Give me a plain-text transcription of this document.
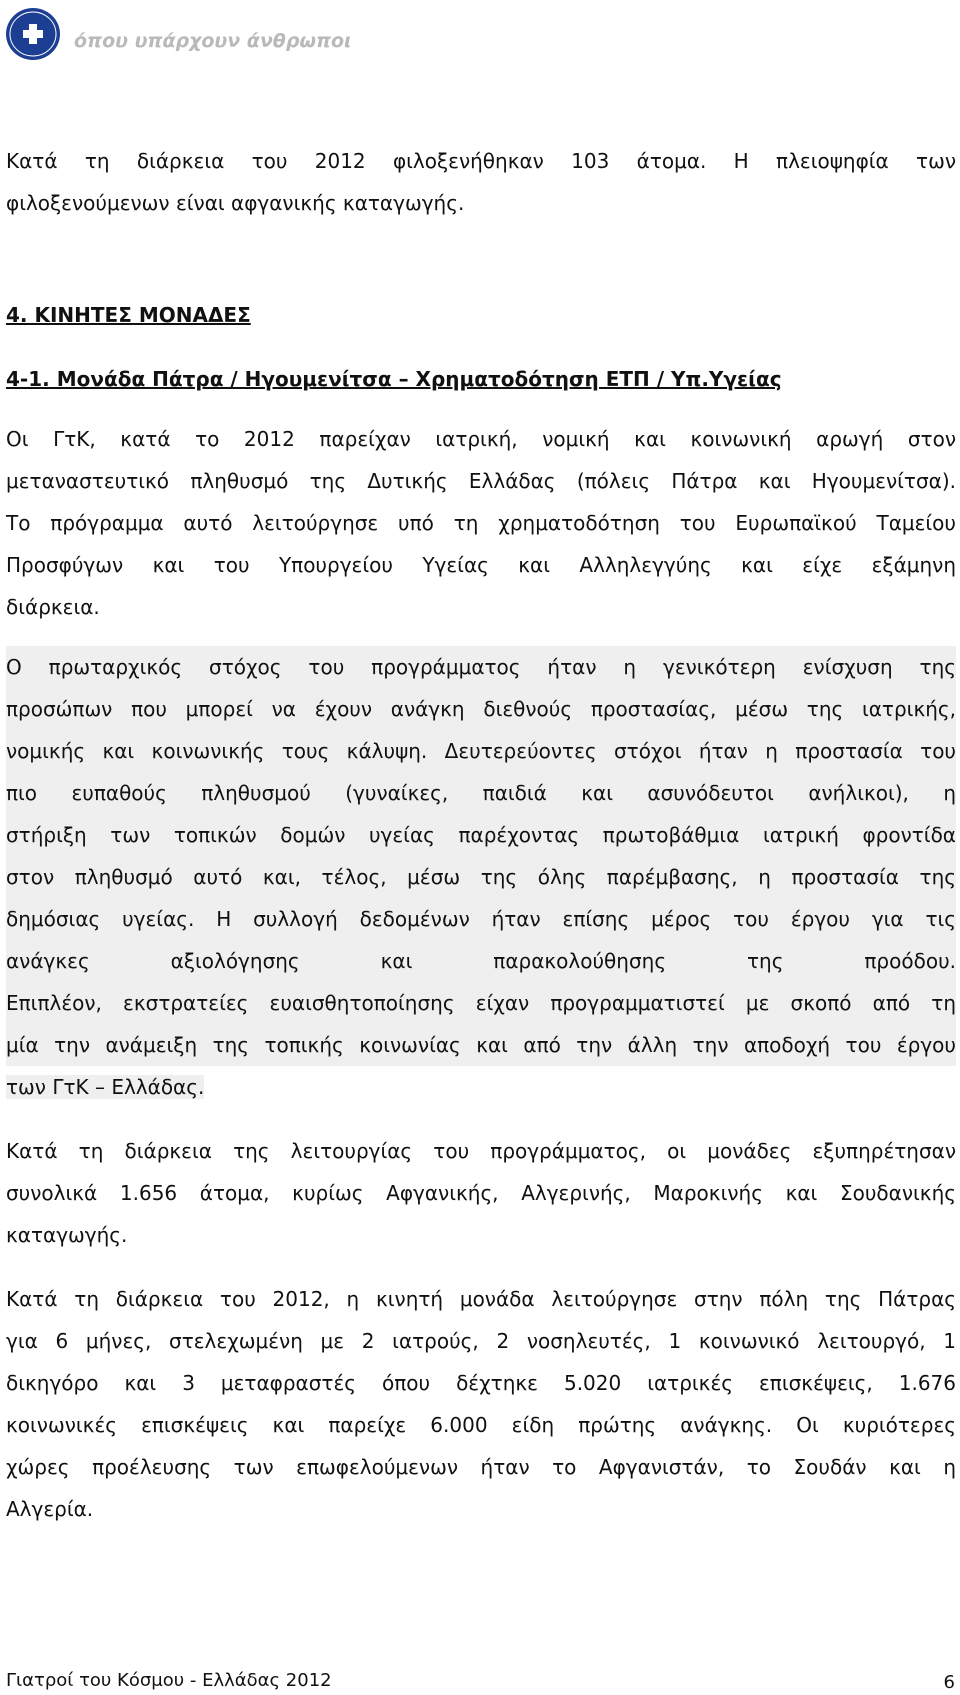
όπου υπάρχουν άνθρωποι

Κατά τη διάρκεια του 2012 φιλοξενήθηκαν 103 άτομα. Η πλειοψηφία των
φιλοξενούμενων είναι αφγανικής καταγωγής.

4. ΚΙΝΗΤΕΣ ΜΟΝΑΔΕΣ

4-1. Μονάδα Πάτρα / Ηγουμενίτσα – Χρηματοδότηση ΕΤΠ / Υπ.Υγείας

Οι ΓτΚ, κατά το 2012 παρείχαν ιατρική, νομική και κοινωνική αρωγή στον
μεταναστευτικό πληθυσμό της Δυτικής Ελλάδας (πόλεις Πάτρα και Ηγουμενίτσα).
Το πρόγραμμα αυτό λειτούργησε υπό τη χρηματοδότηση του Ευρωπαϊκού Ταμείου
Προσφύγων και του Υπουργείου Υγείας και Αλληλεγγύης και είχε εξάμηνη
διάρκεια.

Ο πρωταρχικός στόχος του προγράμματος ήταν η γενικότερη ενίσχυση της
προσώπων που μπορεί να έχουν ανάγκη διεθνούς προστασίας, μέσω της ιατρικής,
νομικής και κοινωνικής τους κάλυψη. Δευτερεύοντες στόχοι ήταν η προστασία του
πιο ευπαθούς πληθυσμού (γυναίκες, παιδιά και ασυνόδευτοι ανήλικοι), η
στήριξη των τοπικών δομών υγείας παρέχοντας πρωτοβάθμια ιατρική φροντίδα
στον πληθυσμό αυτό και, τέλος, μέσω της όλης παρέμβασης, η προστασία της
δημόσιας υγείας. Η συλλογή δεδομένων ήταν επίσης μέρος του έργου για τις
ανάγκες αξιολόγησης και παρακολούθησης της προόδου.
Επιπλέον, εκστρατείες ευαισθητοποίησης είχαν προγραμματιστεί με σκοπό από τη
μία την ανάμειξη της τοπικής κοινωνίας και από την άλλη την αποδοχή του έργου
των ΓτΚ – Ελλάδας.

Κατά τη διάρκεια της λειτουργίας του προγράμματος, οι μονάδες εξυπηρέτησαν
συνολικά 1.656 άτομα, κυρίως Αφγανικής, Αλγερινής, Μαροκινής και Σουδανικής
καταγωγής.

Κατά τη διάρκεια του 2012, η κινητή μονάδα λειτούργησε στην πόλη της Πάτρας
για 6 μήνες, στελεχωμένη με 2 ιατρούς, 2 νοσηλευτές, 1 κοινωνικό λειτουργό, 1
δικηγόρο και 3 μεταφραστές όπου δέχτηκε 5.020 ιατρικές επισκέψεις, 1.676
κοινωνικές επισκέψεις και παρείχε 6.000 είδη πρώτης ανάγκης. Οι κυριότερες
χώρες προέλευσης των επωφελούμενων ήταν το Αφγανιστάν, το Σουδάν και η
Αλγερία.

Γιατροί του Κόσμου - Ελλάδας 2012	6
